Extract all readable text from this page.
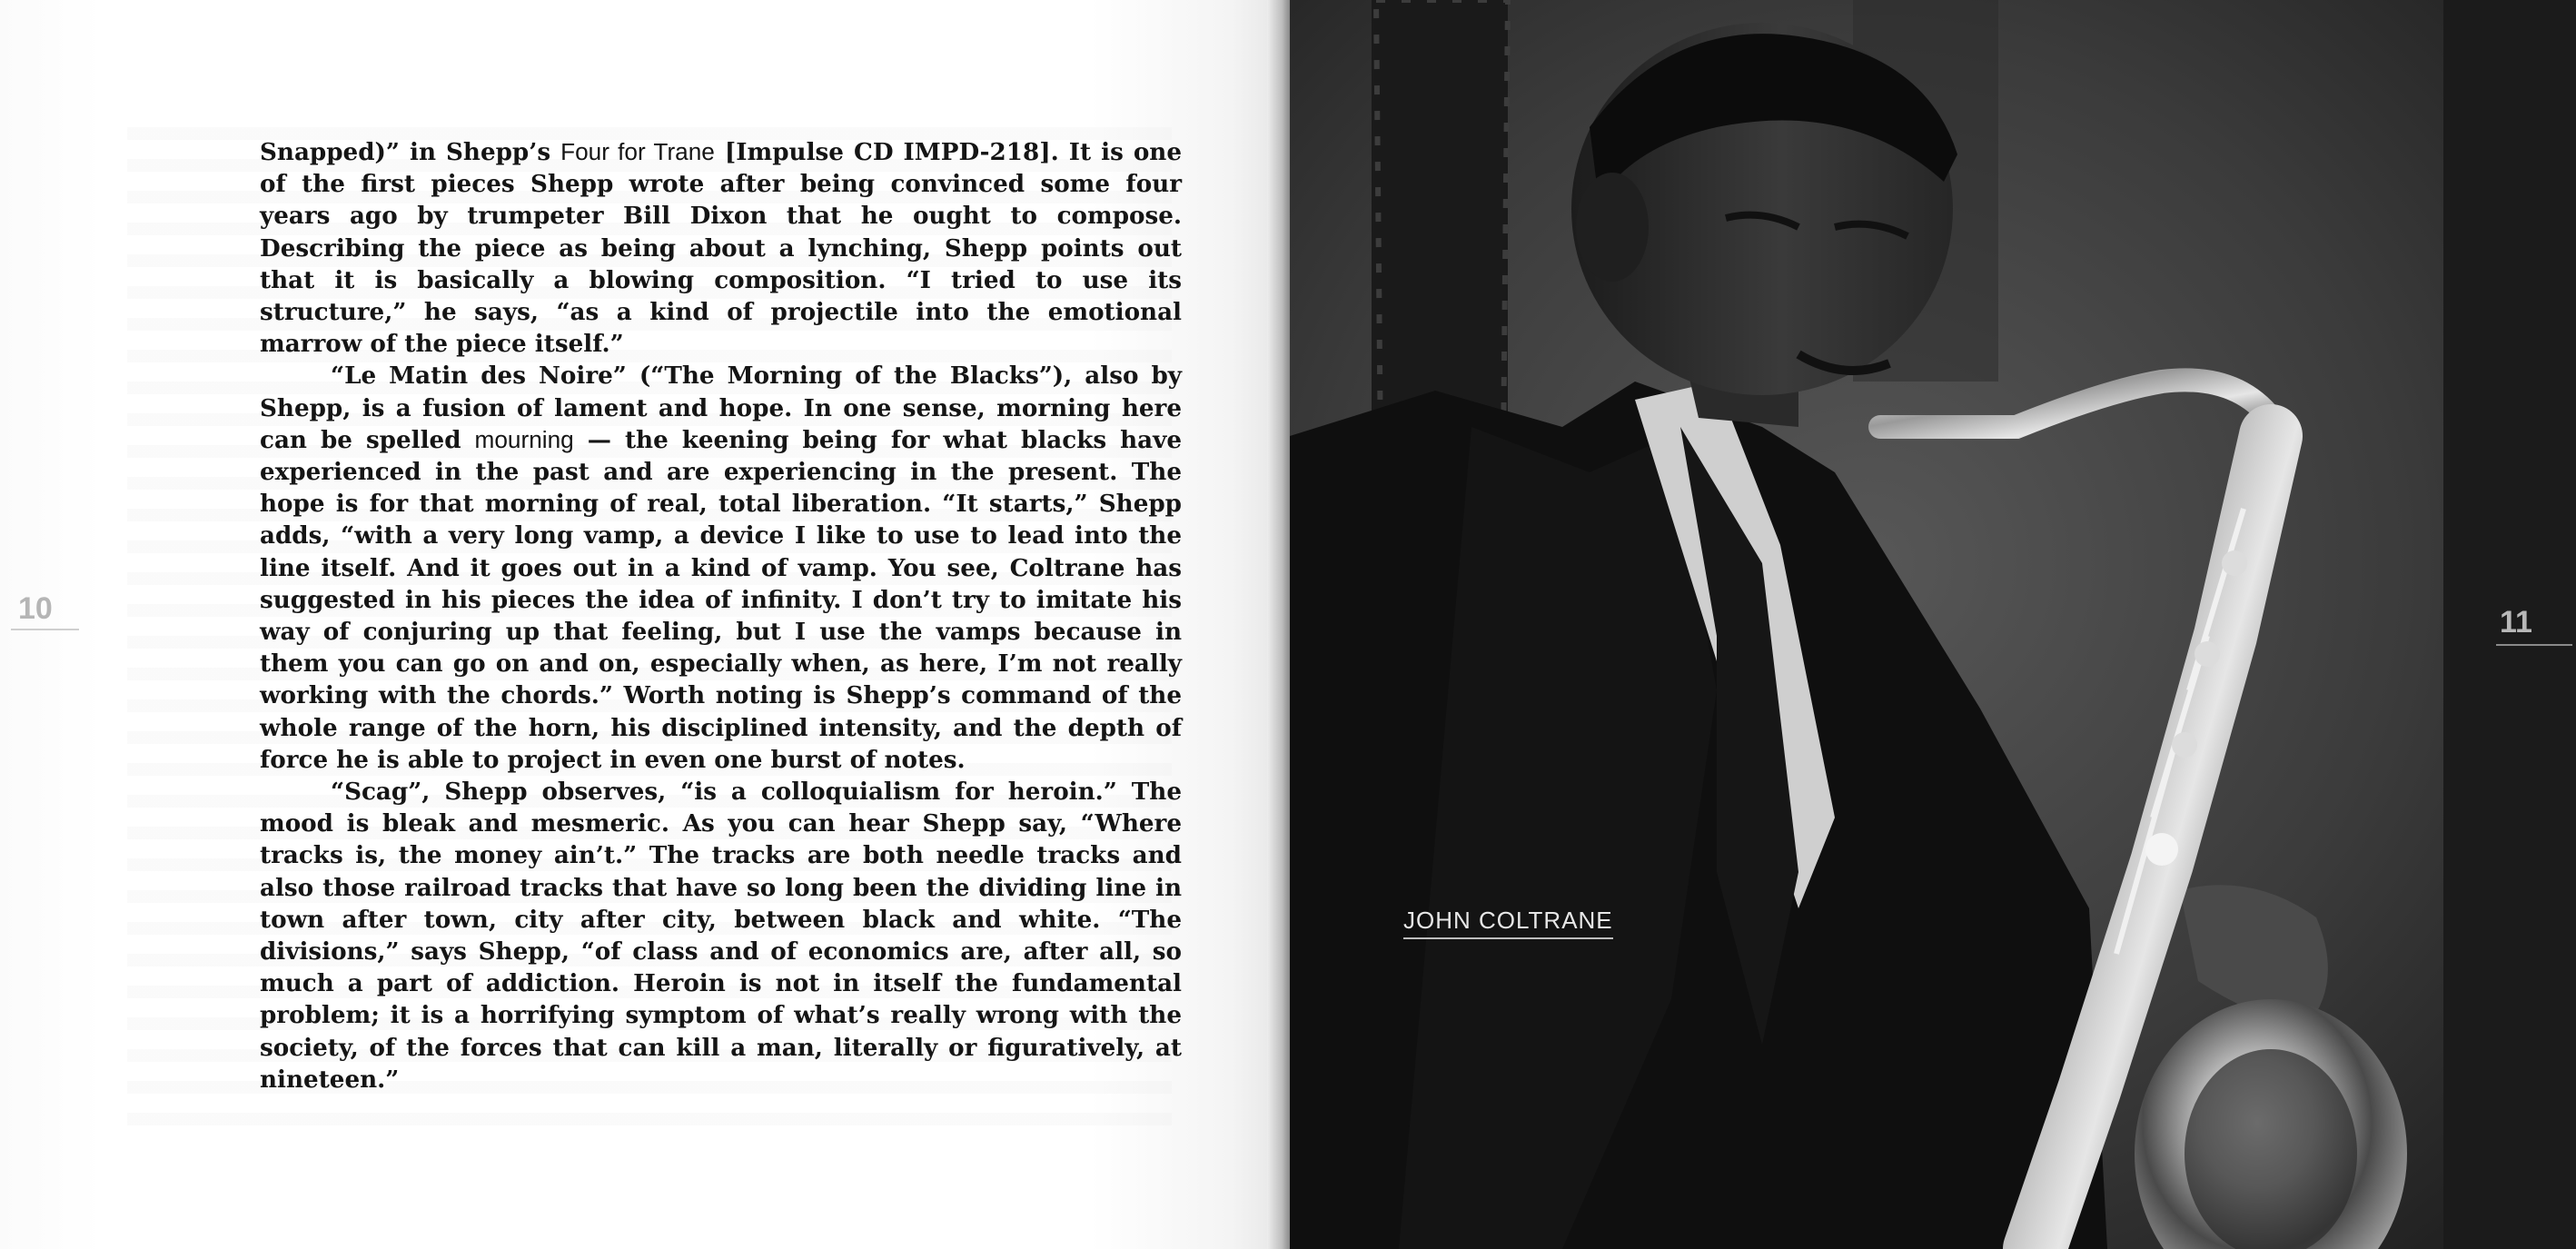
10

Snapped)” in Shepp’s Four for Trane [Impulse CD IMPD-218]. It is one of the first pieces Shepp wrote after being convinced some four years ago by trumpeter Bill Dixon that he ought to compose. Describing the piece as being about a lynching, Shepp points out that it is basically a blowing composition. “I tried to use its structure,” he says, “as a kind of projectile into the emotional marrow of the piece itself.”

“Le Matin des Noire” (“The Morning of the Blacks”), also by Shepp, is a fusion of lament and hope. In one sense, morning here can be spelled mourning — the keening being for what blacks have experienced in the past and are experiencing in the present. The hope is for that morning of real, total liberation. “It starts,” Shepp adds, “with a very long vamp, a device I like to use to lead into the line itself. And it goes out in a kind of vamp. You see, Coltrane has suggested in his pieces the idea of infinity. I don’t try to imitate his way of conjuring up that feeling, but I use the vamps because in them you can go on and on, especially when, as here, I’m not really working with the chords.” Worth noting is Shepp’s command of the whole range of the horn, his disciplined intensity, and the depth of force he is able to project in even one burst of notes.

“Scag”, Shepp observes, “is a colloquialism for heroin.” The mood is bleak and mesmeric. As you can hear Shepp say, “Where tracks is, the money ain’t.” The tracks are both needle tracks and also those railroad tracks that have so long been the dividing line in town after town, city after city, between black and white. “The divisions,” says Shepp, “of class and of economics are, after all, so much a part of addiction. Heroin is not in itself the fundamental problem; it is a horrifying symptom of what’s really wrong with the society, of the forces that can kill a man, literally or figuratively, at nineteen.”

JOHN COLTRANE
11
